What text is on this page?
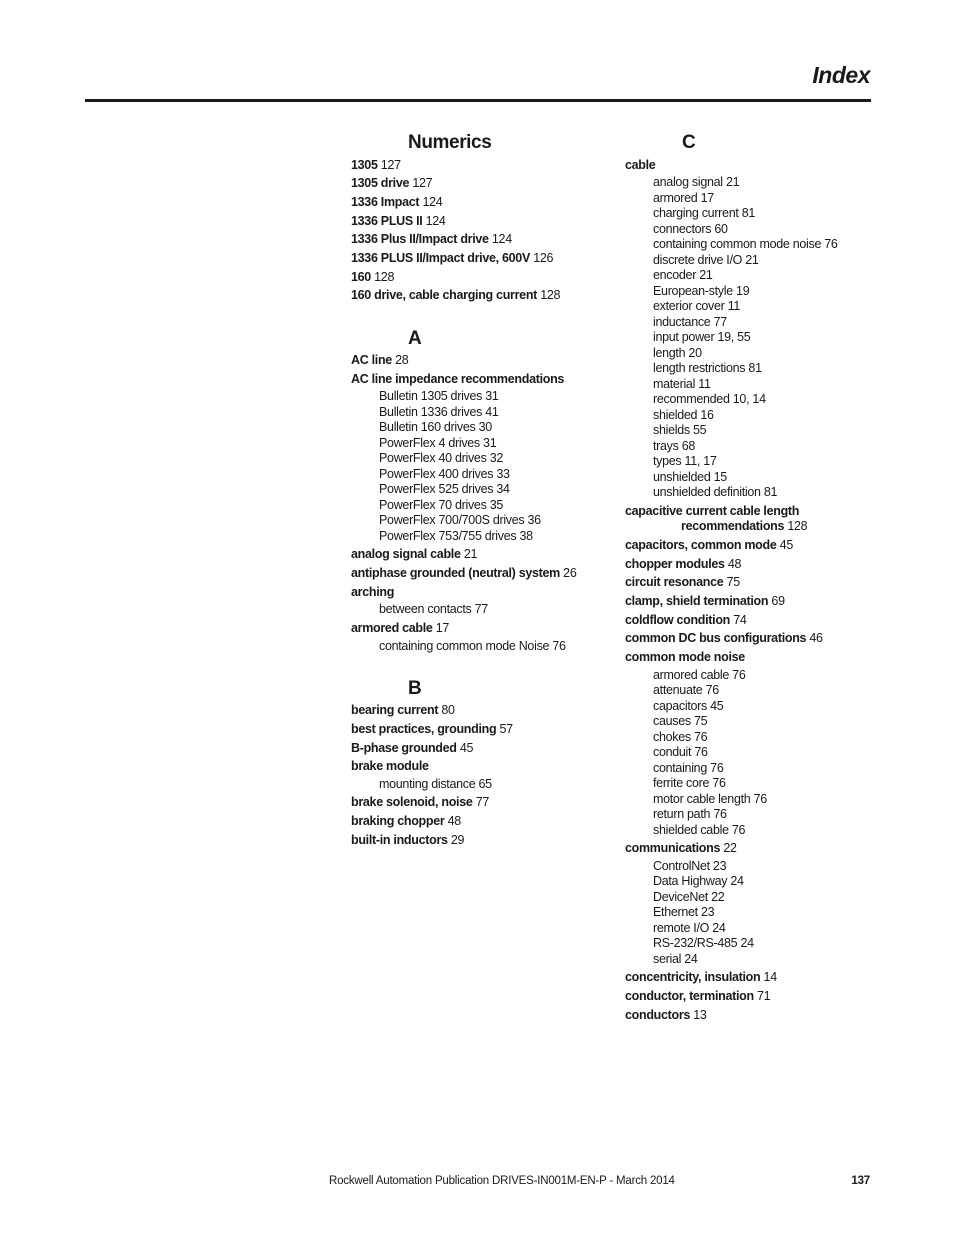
Index
Numerics
1305 127
1305 drive 127
1336 Impact 124
1336 PLUS II 124
1336 Plus II/Impact drive 124
1336 PLUS II/Impact drive, 600V 126
160 128
160 drive, cable charging current 128
A
AC line 28
AC line impedance recommendations
Bulletin 1305 drives 31
Bulletin 1336 drives 41
Bulletin 160 drives 30
PowerFlex 4 drives 31
PowerFlex 40 drives 32
PowerFlex 400 drives 33
PowerFlex 525 drives 34
PowerFlex 70 drives 35
PowerFlex 700/700S drives 36
PowerFlex 753/755 drives 38
analog signal cable 21
antiphase grounded (neutral) system 26
arching
between contacts 77
armored cable 17
containing common mode Noise 76
B
bearing current 80
best practices, grounding 57
B-phase grounded 45
brake module
mounting distance 65
brake solenoid, noise 77
braking chopper 48
built-in inductors 29
C
cable
analog signal 21
armored 17
charging current 81
connectors 60
containing common mode noise 76
discrete drive I/O 21
encoder 21
European-style 19
exterior cover 11
inductance 77
input power 19, 55
length 20
length restrictions 81
material 11
recommended 10, 14
shielded 16
shields 55
trays 68
types 11, 17
unshielded 15
unshielded definition 81
capacitive current cable length
recommendations 128
capacitors, common mode 45
chopper modules 48
circuit resonance 75
clamp, shield termination 69
coldflow condition 74
common DC bus configurations 46
common mode noise
armored cable 76
attenuate 76
capacitors 45
causes 75
chokes 76
conduit 76
containing 76
ferrite core 76
motor cable length 76
return path 76
shielded cable 76
communications 22
ControlNet 23
Data Highway 24
DeviceNet 22
Ethernet 23
remote I/O 24
RS-232/RS-485 24
serial 24
concentricity, insulation 14
conductor, termination 71
conductors 13
Rockwell Automation Publication DRIVES-IN001M-EN-P - March 2014	137
